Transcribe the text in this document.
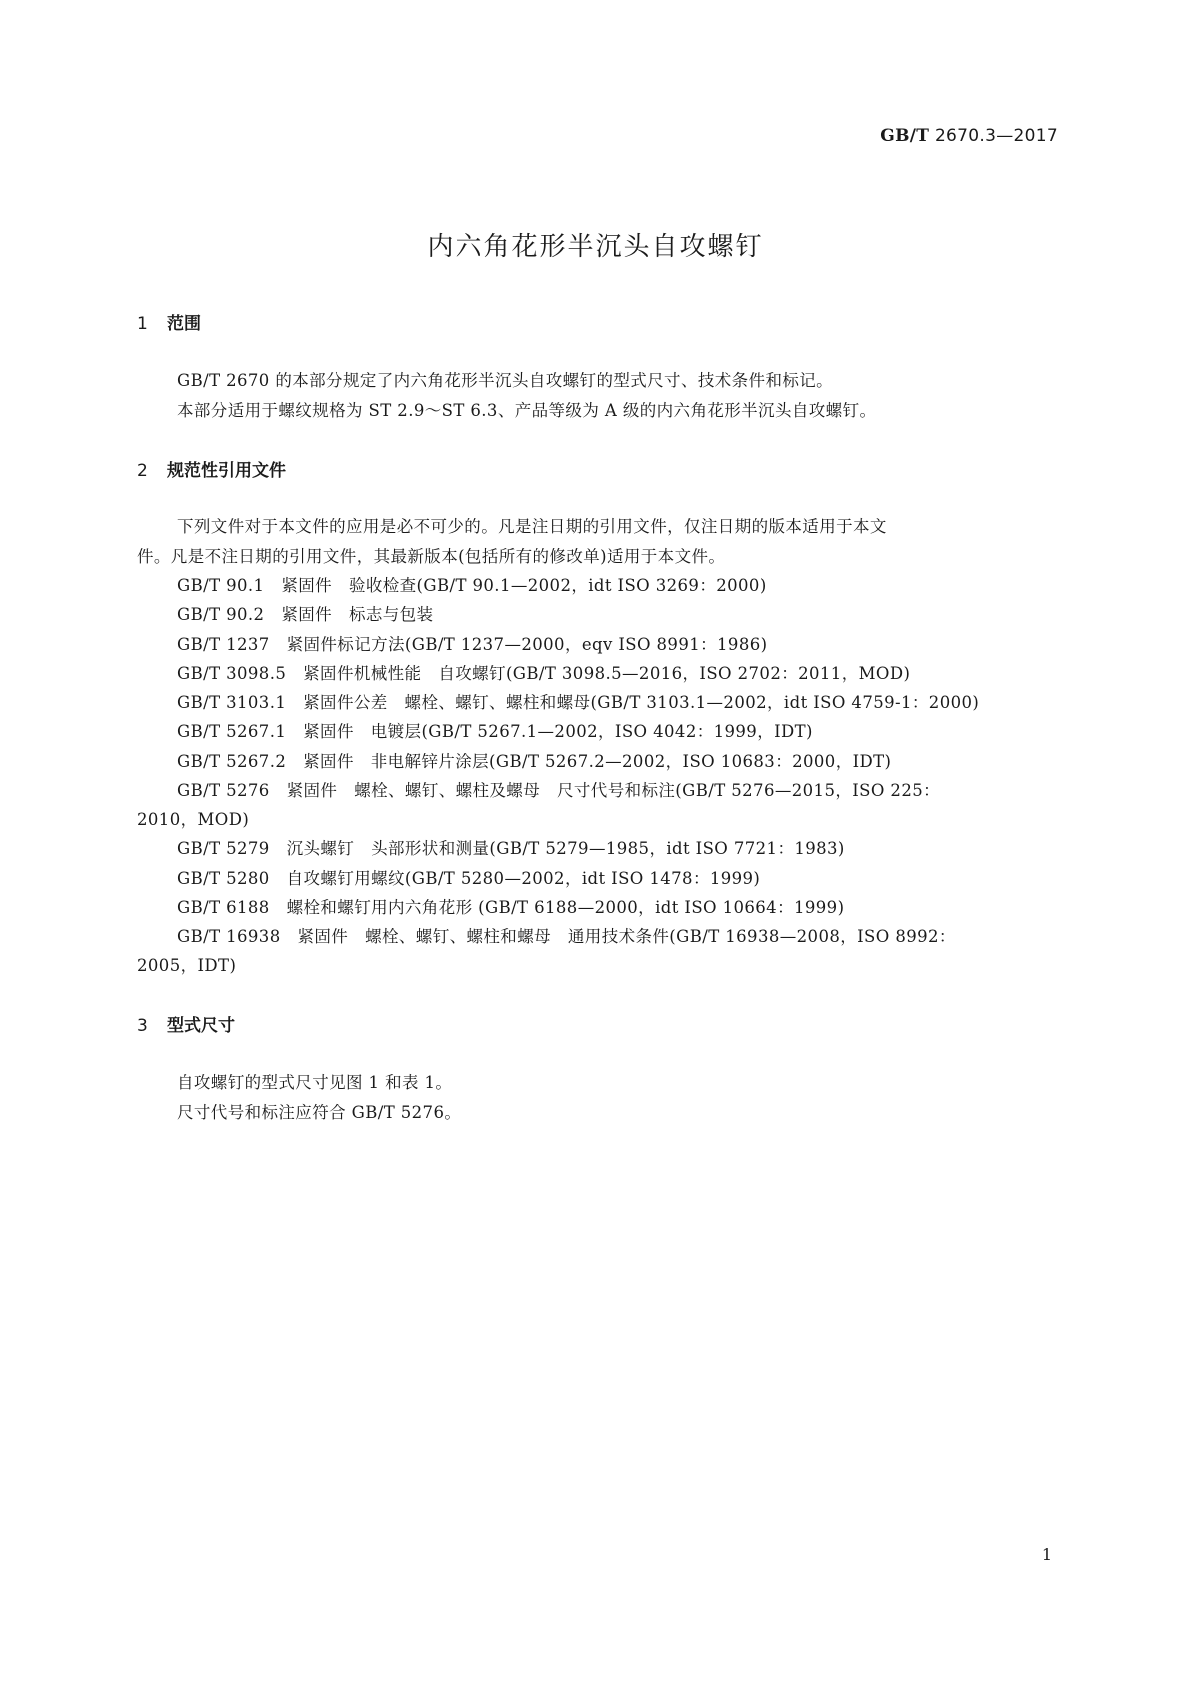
GB/T 2670.3—2017
内六角花形半沉头自攻螺钉
1 范围
GB/T 2670 的本部分规定了内六角花形半沉头自攻螺钉的型式尺寸、技术条件和标记。
本部分适用于螺纹规格为 ST 2.9～ST 6.3、产品等级为 A 级的内六角花形半沉头自攻螺钉。
2 规范性引用文件
下列文件对于本文件的应用是必不可少的。凡是注日期的引用文件，仅注日期的版本适用于本文
件。凡是不注日期的引用文件，其最新版本(包括所有的修改单)适用于本文件。
GB/T 90.1　紧固件　验收检查(GB/T 90.1—2002，idt ISO 3269：2000)
GB/T 90.2　紧固件　标志与包装
GB/T 1237　紧固件标记方法(GB/T 1237—2000，eqv ISO 8991：1986)
GB/T 3098.5　紧固件机械性能　自攻螺钉(GB/T 3098.5—2016，ISO 2702：2011，MOD)
GB/T 3103.1　紧固件公差　螺栓、螺钉、螺柱和螺母(GB/T 3103.1—2002，idt ISO 4759-1：2000)
GB/T 5267.1　紧固件　电镀层(GB/T 5267.1—2002，ISO 4042：1999，IDT)
GB/T 5267.2　紧固件　非电解锌片涂层(GB/T 5267.2—2002，ISO 10683：2000，IDT)
GB/T 5276　紧固件　螺栓、螺钉、螺柱及螺母　尺寸代号和标注(GB/T 5276—2015，ISO 225：
2010，MOD)
GB/T 5279　沉头螺钉　头部形状和测量(GB/T 5279—1985，idt ISO 7721：1983)
GB/T 5280　自攻螺钉用螺纹(GB/T 5280—2002，idt ISO 1478：1999)
GB/T 6188　螺栓和螺钉用内六角花形 (GB/T 6188—2000，idt ISO 10664：1999)
GB/T 16938　紧固件　螺栓、螺钉、螺柱和螺母　通用技术条件(GB/T 16938—2008，ISO 8992：
2005，IDT)
3 型式尺寸
自攻螺钉的型式尺寸见图 1 和表 1。
尺寸代号和标注应符合 GB/T 5276。
1
